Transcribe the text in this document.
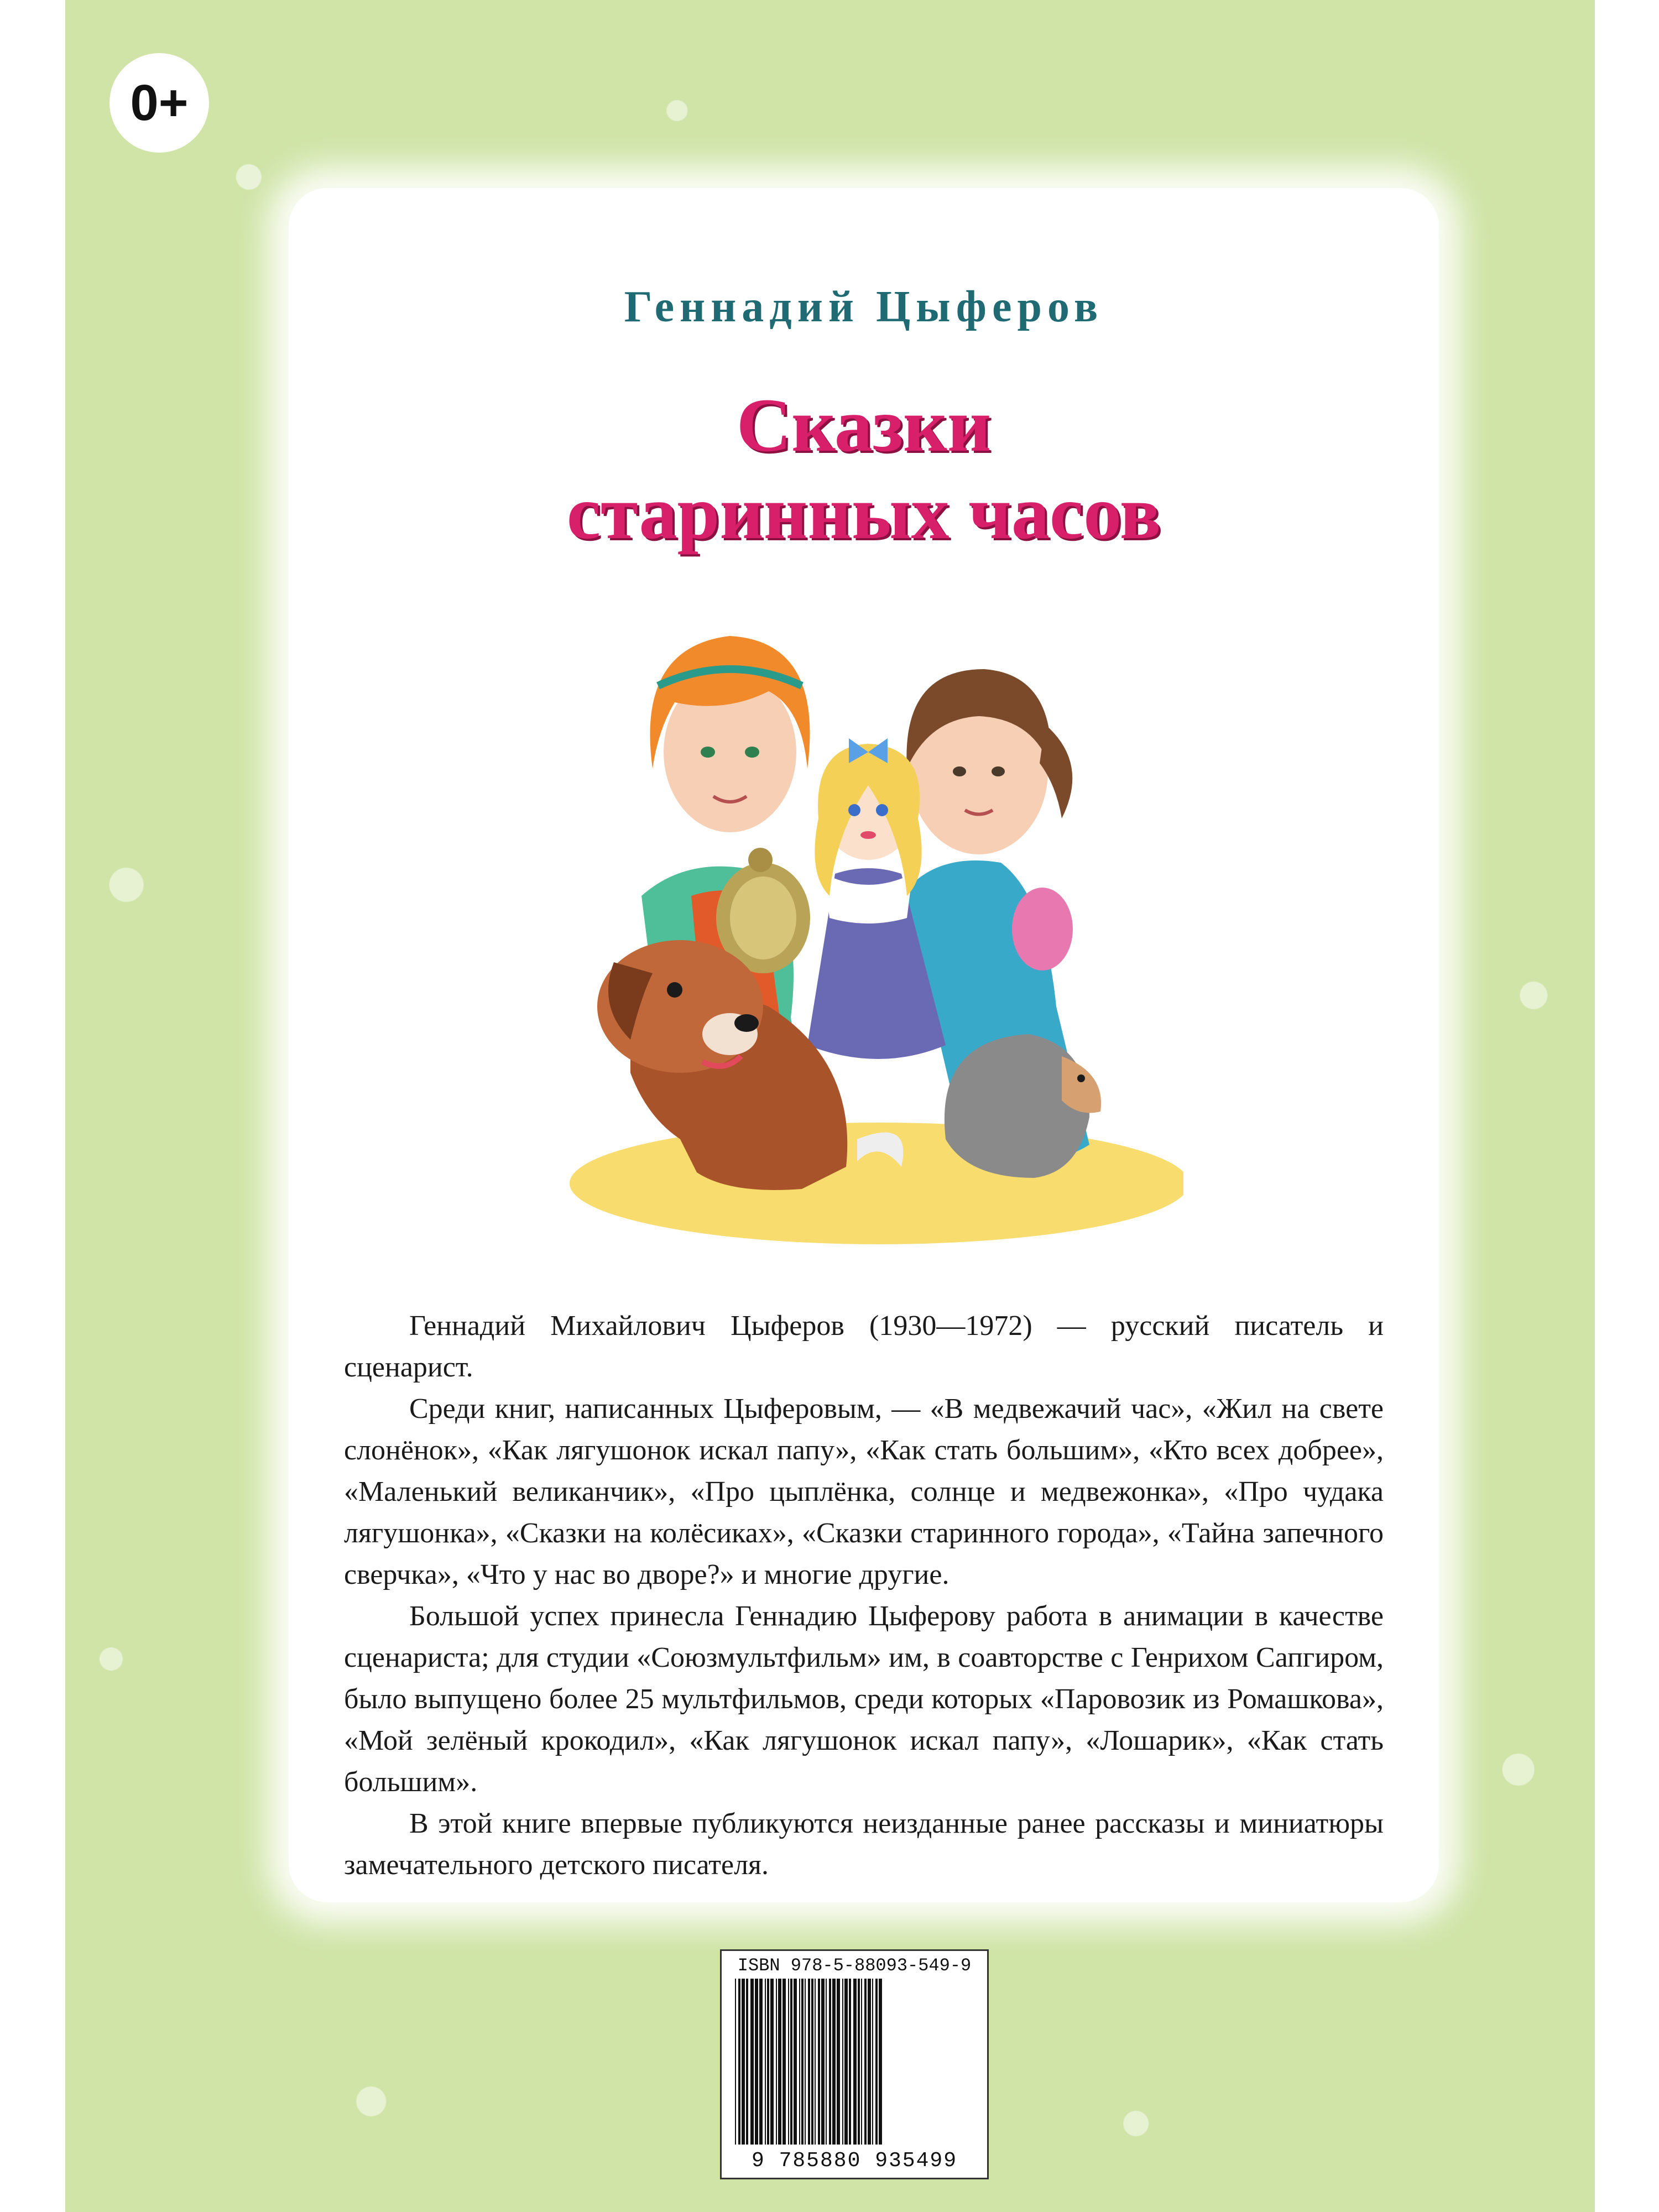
0+
Геннадий Цыферов
Сказки
старинных часов

Геннадий Михайлович Цыферов (1930—1972) — русский писатель и сценарист.

Среди книг, написанных Цыферовым, — «В медвежачий час», «Жил на свете слонёнок», «Как лягушонок искал папу», «Как стать большим», «Кто всех добрее», «Маленький великанчик», «Про цыплёнка, солнце и медвежонка», «Про чудака лягушонка», «Сказки на колёсиках», «Сказки старинного города», «Тайна запечного сверчка», «Что у нас во дворе?» и многие другие.

Большой успех принесла Геннадию Цыферову работа в анимации в качестве сценариста; для студии «Союзмультфильм» им, в соавторстве с Генрихом Сапгиром, было выпущено более 25 мультфильмов, среди которых «Паровозик из Ромашкова», «Мой зелёный крокодил», «Как лягушонок искал папу», «Лошарик», «Как стать большим».

В этой книге впервые публикуются неизданные ранее рассказы и миниатюры замечательного детского писателя.

ISBN 978-5-88093-549-9
9 785880 935499
